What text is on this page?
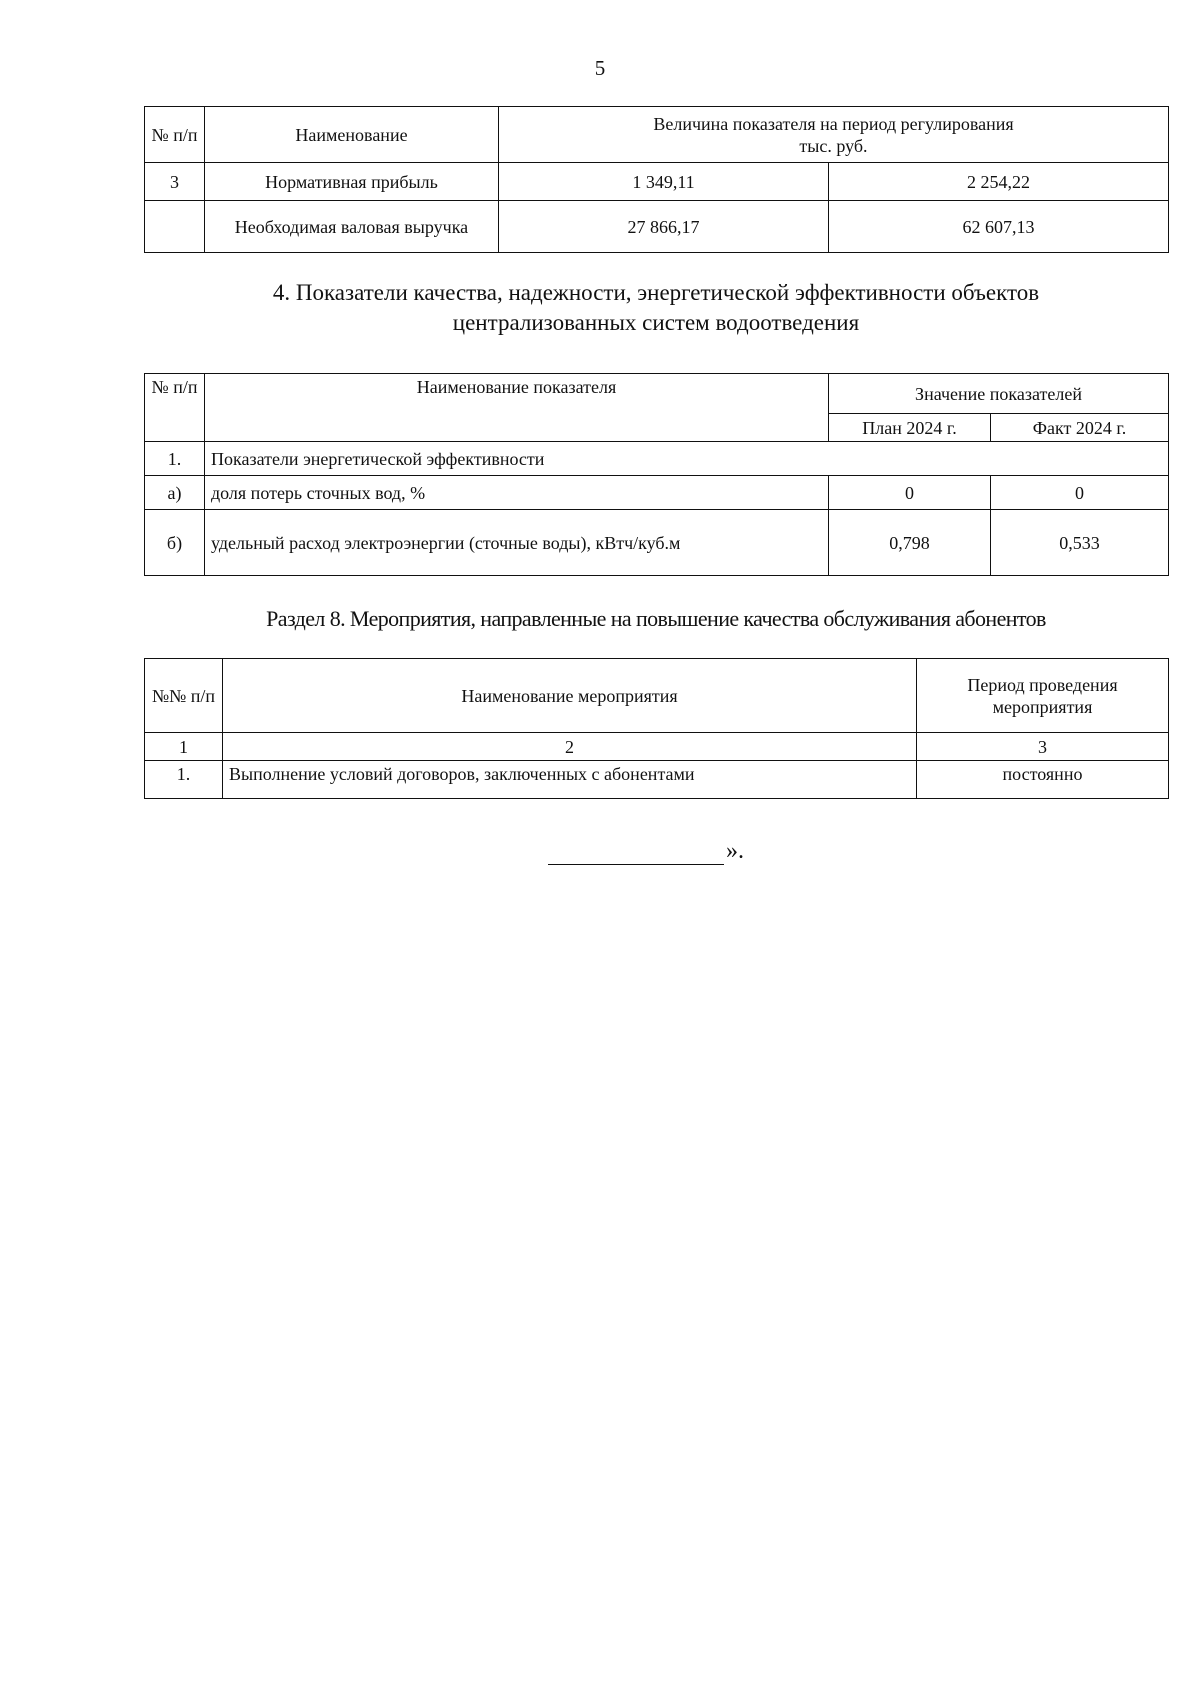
5
№ п/п	Наименование	Величина показателя на период регулирования
тыс. руб.	

3	Нормативная прибыль	1 349,11	2 254,22
	Необходимая валовая выручка	27 866,17	62 607,13
4. Показатели качества, надежности, энергетической эффективности объектов
централизованных систем водоотведения
№ п/п	Наименование показателя	Значение показателей	
		План 2024 г.	Факт 2024 г.
1.	Показатели энергетической эффективности		
а)	доля потерь сточных вод, %	0	0
б)	удельный расход электроэнергии (сточные воды), кВтч/куб.м	0,798	0,533
Раздел 8. Мероприятия, направленные на повышение качества обслуживания абонентов
№№ п/п	Наименование мероприятия	Период проведения мероприятия
1	2	3
1.	Выполнение условий договоров, заключенных с абонентами	постоянно
».
